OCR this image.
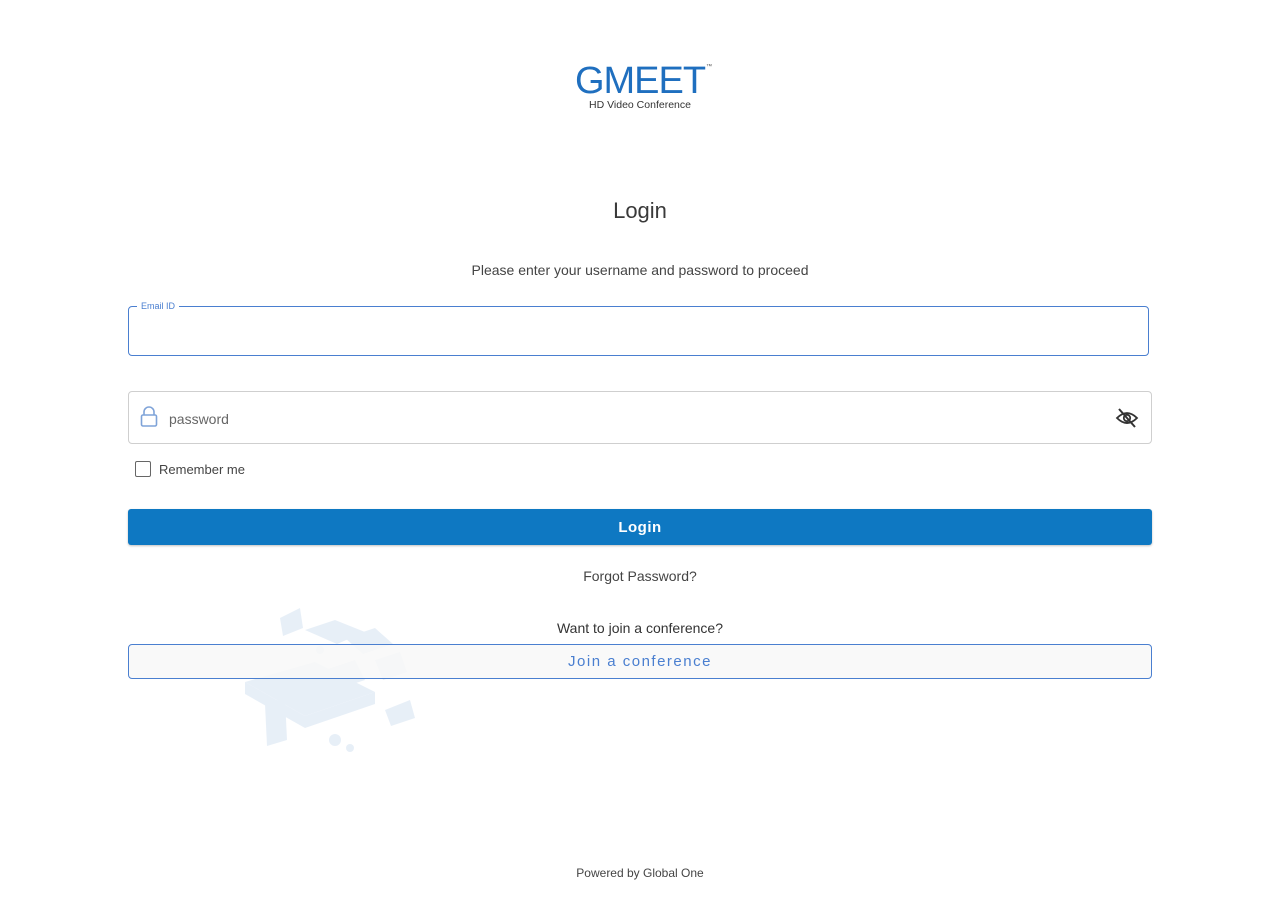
GMEET ™
HD Video Conference
Login
Please enter your username and password to proceed
Email ID
Remember me
Login
Forgot Password?
Want to join a conference?
Join a conference
Powered by Global One
